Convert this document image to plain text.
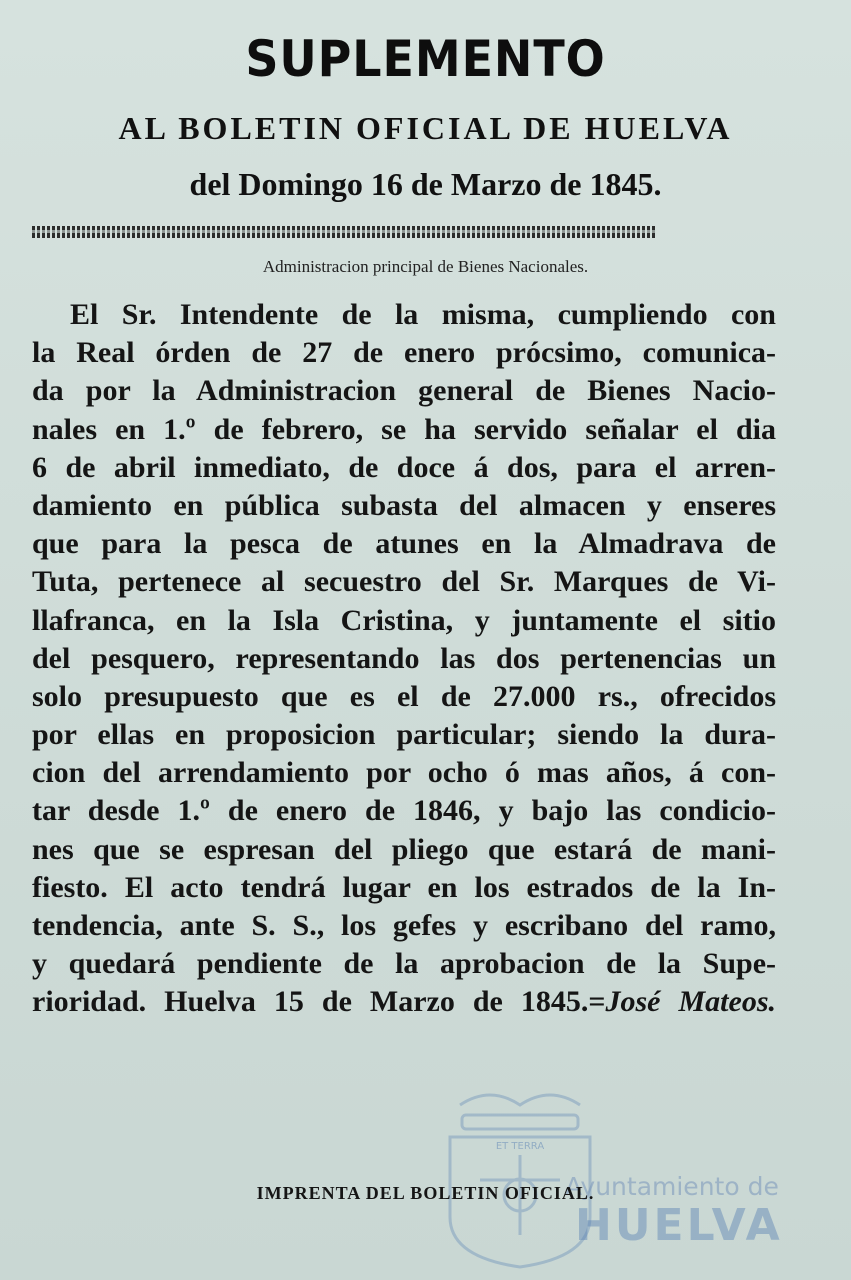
SUPLEMENTO
AL BOLETIN OFICIAL DE HUELVA
del Domingo 16 de Marzo de 1845.
Administracion principal de Bienes Nacionales.
El Sr. Intendente de la misma, cumpliendo con
la Real órden de 27 de enero prócsimo, comunica-
da por la Administracion general de Bienes Nacio-
nales en 1.º de febrero, se ha servido señalar el dia
6 de abril inmediato, de doce á dos, para el arren-
damiento en pública subasta del almacen y enseres
que para la pesca de atunes en la Almadrava de
Tuta, pertenece al secuestro del Sr. Marques de Vi-
llafranca, en la Isla Cristina, y juntamente el sitio
del pesquero, representando las dos pertenencias un
solo presupuesto que es el de 27.000 rs., ofrecidos
por ellas en proposicion particular; siendo la dura-
cion del arrendamiento por ocho ó mas años, á con-
tar desde 1.º de enero de 1846, y bajo las condicio-
nes que se espresan del pliego que estará de mani-
fiesto. El acto tendrá lugar en los estrados de la In-
tendencia, ante S. S., los gefes y escribano del ramo,
y quedará pendiente de la aprobacion de la Supe-
rioridad. Huelva 15 de Marzo de 1845.=José Mateos.
ET TERRA
Ayuntamiento de
HUELVA
IMPRENTA DEL BOLETIN OFICIAL.
